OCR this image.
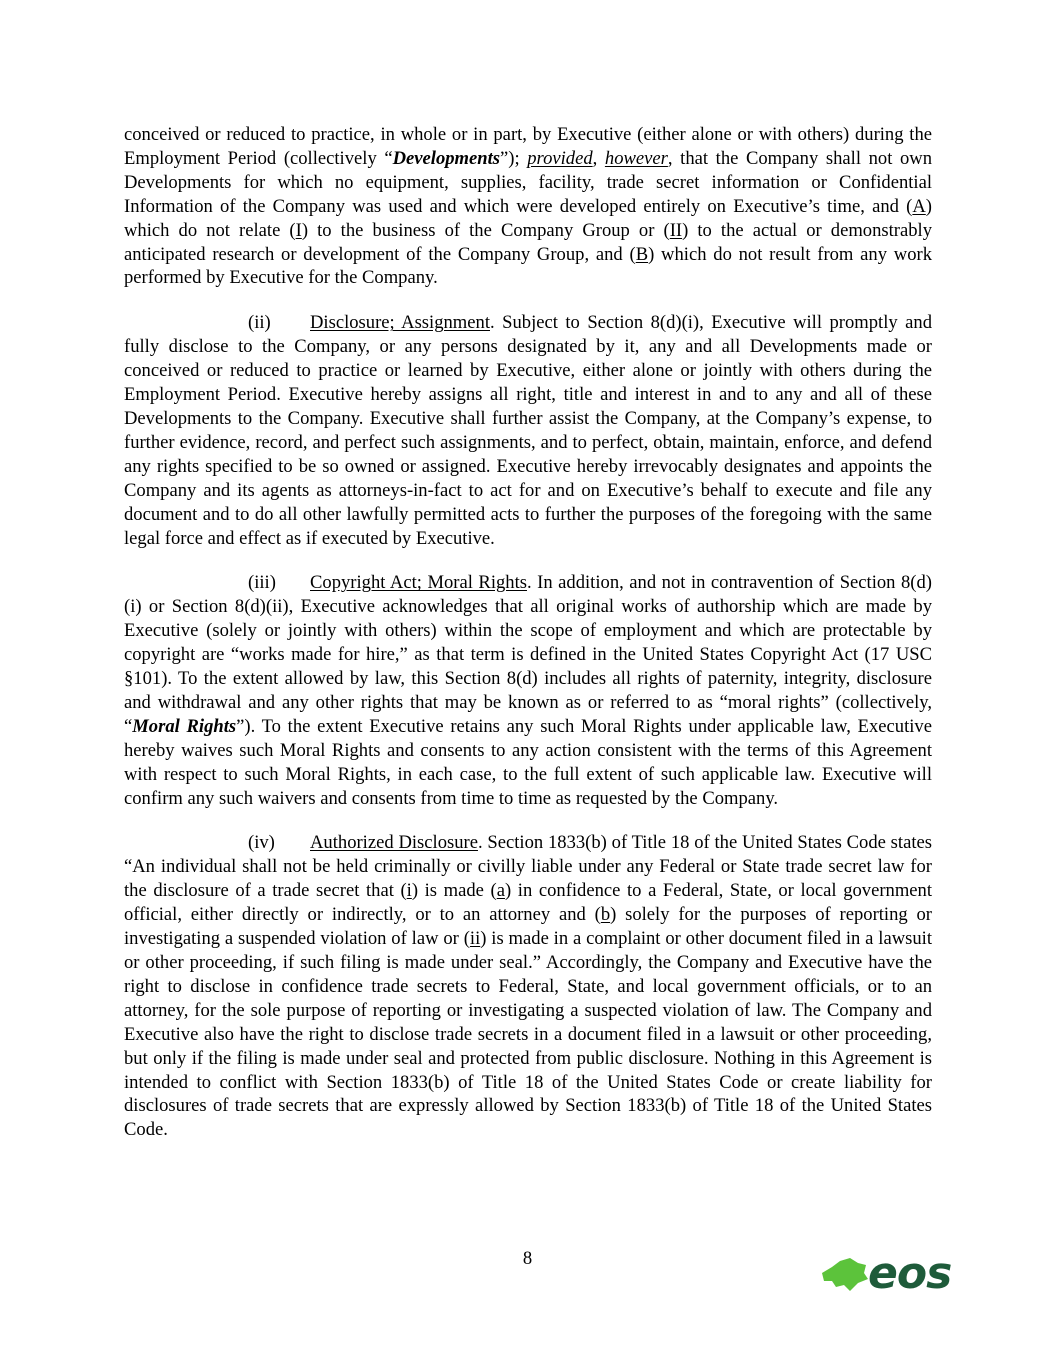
conceived or reduced to practice, in whole or in part, by Executive (either alone or with others) during the Employment Period (collectively “Developments”); provided, however, that the Company shall not own Developments for which no equipment, supplies, facility, trade secret information or Confidential Information of the Company was used and which were developed entirely on Executive’s time, and (A) which do not relate (I) to the business of the Company Group or (II) to the actual or demonstrably anticipated research or development of the Company Group, and (B) which do not result from any work performed by Executive for the Company.

(ii) Disclosure; Assignment. Subject to Section 8(d)(i), Executive will promptly and fully disclose to the Company, or any persons designated by it, any and all Developments made or conceived or reduced to practice or learned by Executive, either alone or jointly with others during the Employment Period. Executive hereby assigns all right, title and interest in and to any and all of these Developments to the Company. Executive shall further assist the Company, at the Company’s expense, to further evidence, record, and perfect such assignments, and to perfect, obtain, maintain, enforce, and defend any rights specified to be so owned or assigned. Executive hereby irrevocably designates and appoints the Company and its agents as attorneys-in-fact to act for and on Executive’s behalf to execute and file any document and to do all other lawfully permitted acts to further the purposes of the foregoing with the same legal force and effect as if executed by Executive.

(iii) Copyright Act; Moral Rights. In addition, and not in contravention of Section 8(d)(i) or Section 8(d)(ii), Executive acknowledges that all original works of authorship which are made by Executive (solely or jointly with others) within the scope of employment and which are protectable by copyright are “works made for hire,” as that term is defined in the United States Copyright Act (17 USC §101). To the extent allowed by law, this Section 8(d) includes all rights of paternity, integrity, disclosure and withdrawal and any other rights that may be known as or referred to as “moral rights” (collectively, “Moral Rights”). To the extent Executive retains any such Moral Rights under applicable law, Executive hereby waives such Moral Rights and consents to any action consistent with the terms of this Agreement with respect to such Moral Rights, in each case, to the full extent of such applicable law. Executive will confirm any such waivers and consents from time to time as requested by the Company.

(iv) Authorized Disclosure. Section 1833(b) of Title 18 of the United States Code states “An individual shall not be held criminally or civilly liable under any Federal or State trade secret law for the disclosure of a trade secret that (i) is made (a) in confidence to a Federal, State, or local government official, either directly or indirectly, or to an attorney and (b) solely for the purposes of reporting or investigating a suspended violation of law or (ii) is made in a complaint or other document filed in a lawsuit or other proceeding, if such filing is made under seal.” Accordingly, the Company and Executive have the right to disclose in confidence trade secrets to Federal, State, and local government officials, or to an attorney, for the sole purpose of reporting or investigating a suspected violation of law. The Company and Executive also have the right to disclose trade secrets in a document filed in a lawsuit or other proceeding, but only if the filing is made under seal and protected from public disclosure. Nothing in this Agreement is intended to conflict with Section 1833(b) of Title 18 of the United States Code or create liability for disclosures of trade secrets that are expressly allowed by Section 1833(b) of Title 18 of the United States Code.

8	eos
